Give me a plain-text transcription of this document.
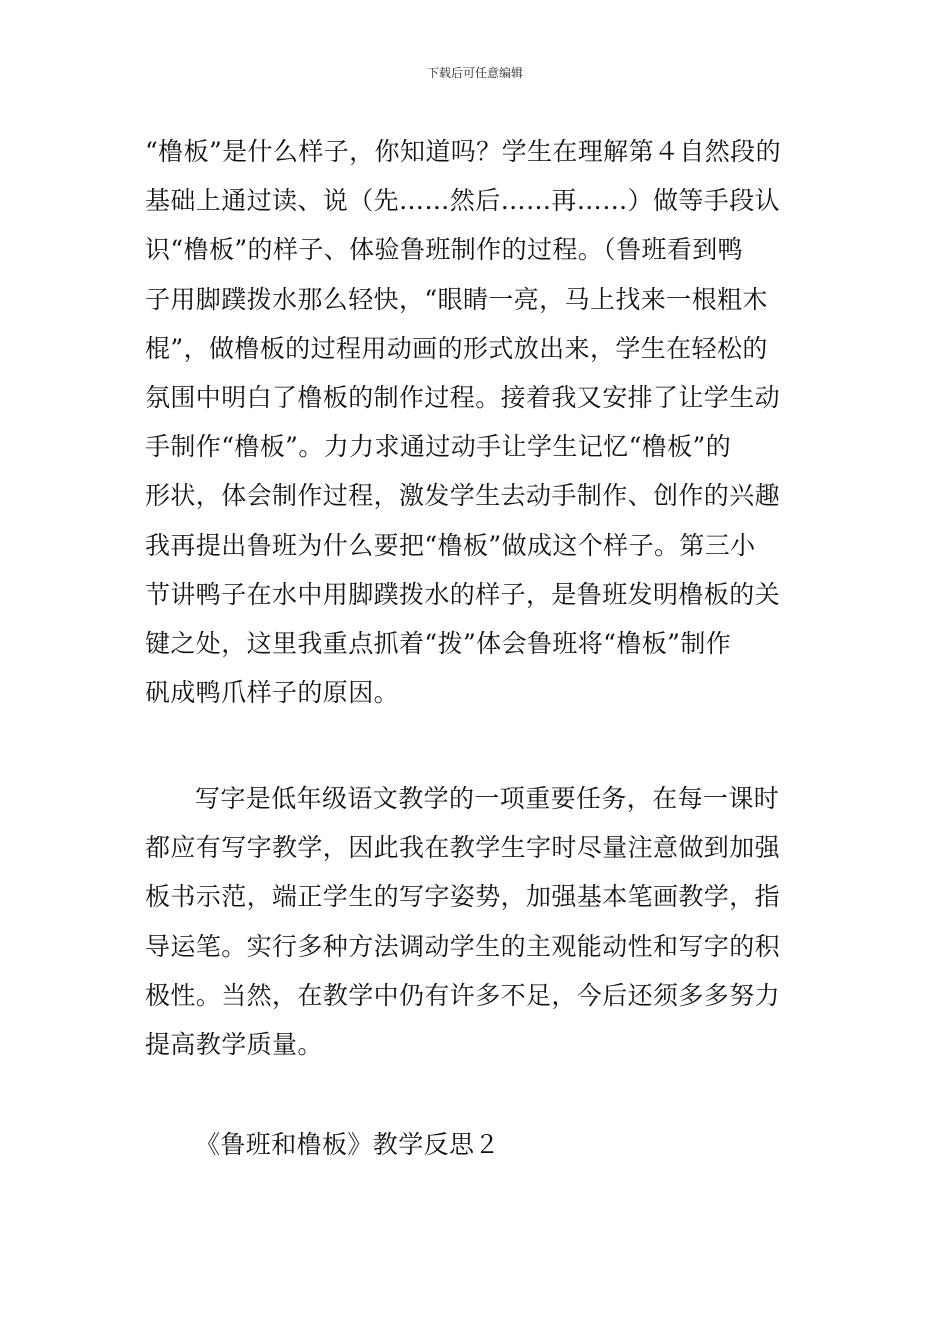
下载后可任意编辑
“橹板”是什么样子，你知道吗？学生在理解第４自然段的
基础上通过读、说（先……然后……再……）做等手段认
识“橹板”的样子、体验鲁班制作的过程。（鲁班看到鸭
子用脚蹼拨水那么轻快，“眼睛一亮，马上找来一根粗木
棍”，做橹板的过程用动画的形式放出来，学生在轻松的
氛围中明白了橹板的制作过程。接着我又安排了让学生动
手制作“橹板”。力力求通过动手让学生记忆“橹板”的
形状，体会制作过程，激发学生去动手制作、创作的兴趣
我再提出鲁班为什么要把“橹板”做成这个样子。第三小
节讲鸭子在水中用脚蹼拨水的样子，是鲁班发明橹板的关
键之处，这里我重点抓着“拨”体会鲁班将“橹板”制作
矾成鸭爪样子的原因。
写字是低年级语文教学的一项重要任务，在每一课时
都应有写字教学，因此我在教学生字时尽量注意做到加强
板书示范，端正学生的写字姿势，加强基本笔画教学，指
导运笔。实行多种方法调动学生的主观能动性和写字的积
极性。当然，在教学中仍有许多不足，今后还须多多努力
提高教学质量。
《鲁班和橹板》教学反思２
